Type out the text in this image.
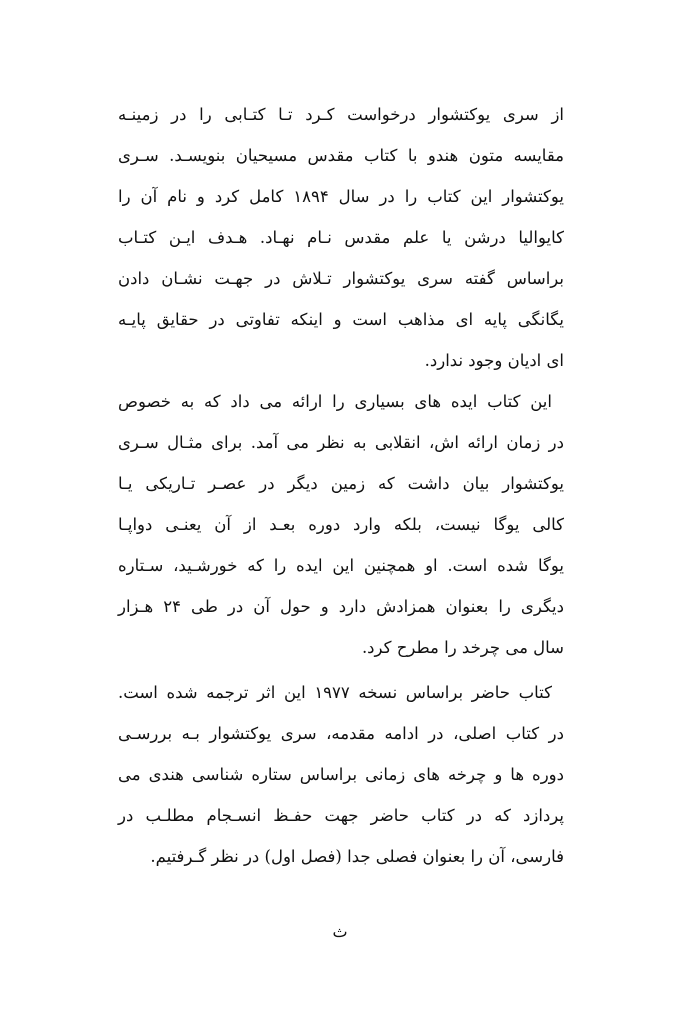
از سری یوکتشوار درخواست کـرد تـا کتـابی را در زمینـه
مقایسه متون هندو با کتاب مقدس مسیحیان بنویسـد. سـری
یوکتشوار این کتاب را در سال ۱۸۹۴ کامل کرد و نام آن را
کایوالیا درشن یا علم مقدس نـام نهـاد. هـدف ایـن کتـاب
براساس گفته سری یوکتشوار تـلاش در جهـت نشـان دادن
یگانگی پایه ای مذاهب است و اینکه تفاوتی در حقایق پایـه
ای ادیان وجود ندارد.
این کتاب ایده های بسیاری را ارائه می داد که به خصوص
در زمان ارائه اش، انقلابی به نظر می آمد. برای مثـال سـری
یوکتشوار بیان داشت که زمین دیگر در عصـر تـاریکی یـا
کالی یوگا نیست، بلکه وارد دوره بعـد از آن یعنـی دواپـا
یوگا شده است. او همچنین این ایده را که خورشـید، سـتاره
دیگری را بعنوان همزادش دارد و حول آن در طی ۲۴ هـزار
سال می چرخد را مطرح کرد.
کتاب حاضر براساس نسخه ۱۹۷۷ این اثر ترجمه شده است.
در کتاب اصلی، در ادامه مقدمه، سری یوکتشوار بـه بررسـی
دوره ها و چرخه های زمانی براساس ستاره شناسی هندی می
پردازد که در کتاب حاضر جهت حفـظ انسـجام مطلـب در
فارسی، آن را بعنوان فصلی جدا (فصل اول) در نظر گـرفتیم.
ث
